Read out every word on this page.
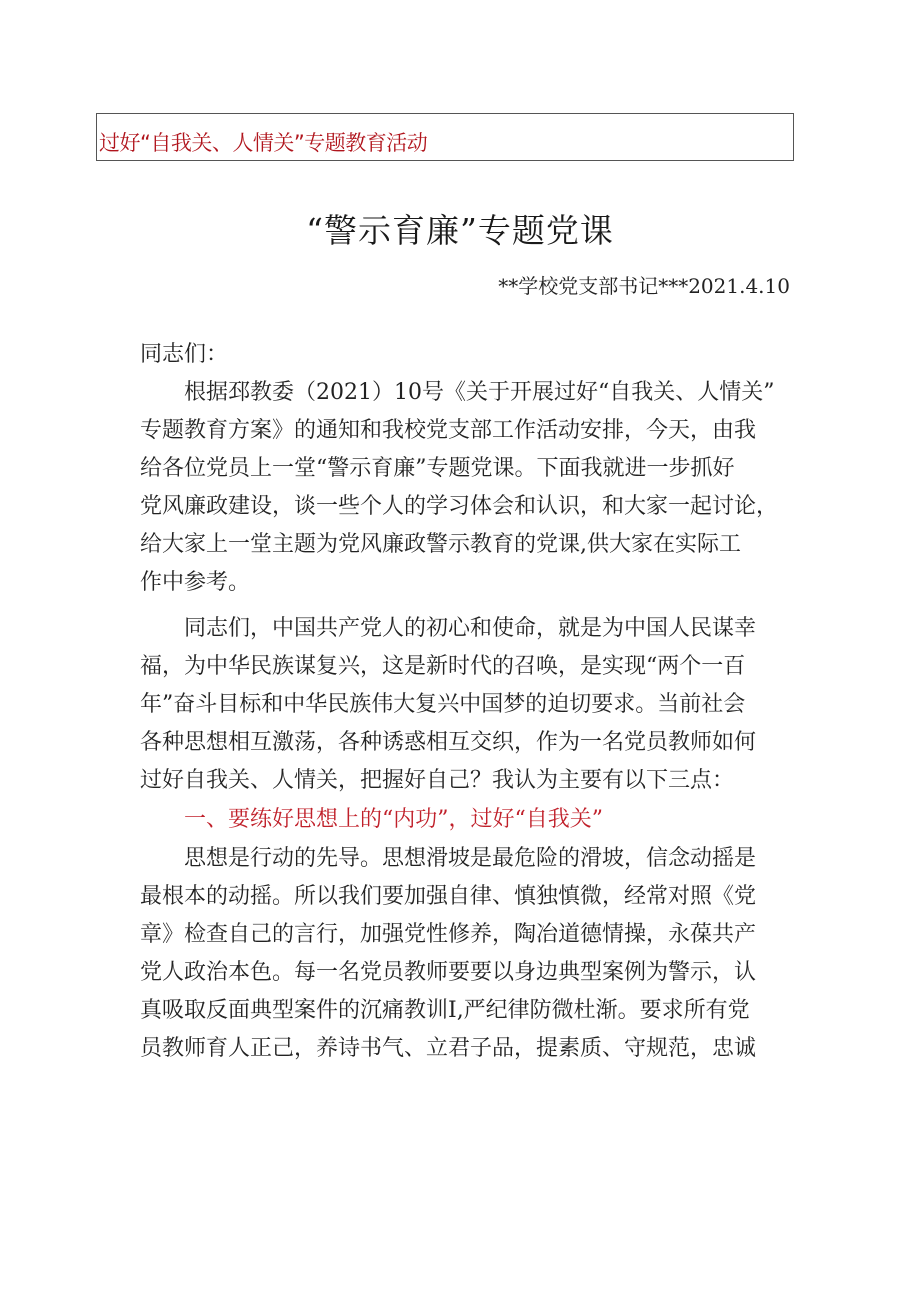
过好“自我关、人情关”专题教育活动
“警示育廉”专题党课
**学校党支部书记***2021.4.10
同志们：
根据邳教委（2021）10号《关于开展过好“自我关、人情关”
专题教育方案》的通知和我校党支部工作活动安排，今天，由我
给各位党员上一堂“警示育廉”专题党课。下面我就进一步抓好
党风廉政建设，谈一些个人的学习体会和认识，和大家一起讨论，
给大家上一堂主题为党风廉政警示教育的党课,供大家在实际工
作中参考。
同志们，中国共产党人的初心和使命，就是为中国人民谋幸
福，为中华民族谋复兴，这是新时代的召唤，是实现“两个一百
年”奋斗目标和中华民族伟大复兴中国梦的迫切要求。当前社会
各种思想相互激荡，各种诱惑相互交织，作为一名党员教师如何
过好自我关、人情关，把握好自己？我认为主要有以下三点：
一、要练好思想上的“内功”，过好“自我关”
思想是行动的先导。思想滑坡是最危险的滑坡，信念动摇是
最根本的动摇。所以我们要加强自律、慎独慎微，经常对照《党
章》检查自己的言行，加强党性修养，陶冶道德情操，永葆共产
党人政治本色。每一名党员教师要要以身边典型案例为警示，认
真吸取反面典型案件的沉痛教训I,严纪律防微杜渐。要求所有党
员教师育人正己，养诗书气、立君子品，提素质、守规范，忠诚
